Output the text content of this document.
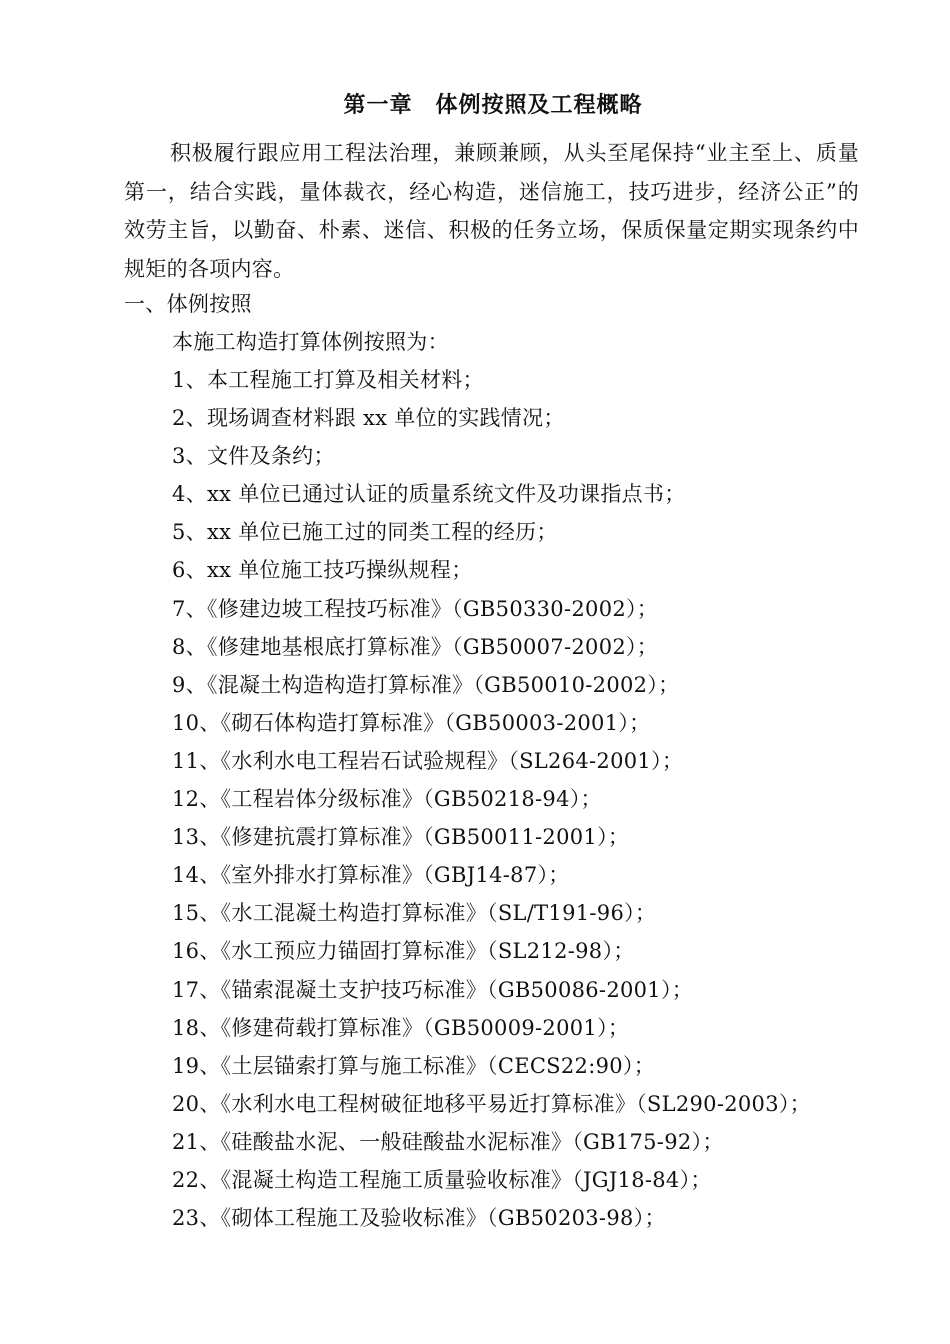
第一章　体例按照及工程概略
积极履行跟应用工程法治理，兼顾兼顾，从头至尾保持“业主至上、质量第一，结合实践，量体裁衣，经心构造，迷信施工，技巧进步，经济公正”的效劳主旨，以勤奋、朴素、迷信、积极的任务立场，保质保量定期实现条约中规矩的各项内容。
一、体例按照
本施工构造打算体例按照为：
1、本工程施工打算及相关材料；
2、现场调查材料跟 xx 单位的实践情况；
3、文件及条约；
4、xx 单位已通过认证的质量系统文件及功课指点书；
5、xx 单位已施工过的同类工程的经历；
6、xx 单位施工技巧操纵规程；
7、《修建边坡工程技巧标准》（GB50330-2002）；
8、《修建地基根底打算标准》（GB50007-2002）；
9、《混凝土构造构造打算标准》（GB50010-2002）；
10、《砌石体构造打算标准》（GB50003-2001）；
11、《水利水电工程岩石试验规程》（SL264-2001）；
12、《工程岩体分级标准》（GB50218-94）；
13、《修建抗震打算标准》（GB50011-2001）；
14、《室外排水打算标准》（GBJ14-87）；
15、《水工混凝土构造打算标准》（SL/T191-96）；
16、《水工预应力锚固打算标准》（SL212-98）；
17、《锚索混凝土支护技巧标准》（GB50086-2001）；
18、《修建荷载打算标准》（GB50009-2001）；
19、《土层锚索打算与施工标准》（CECS22:90）；
20、《水利水电工程树破征地移平易近打算标准》（SL290-2003）；
21、《硅酸盐水泥、一般硅酸盐水泥标准》（GB175-92）；
22、《混凝土构造工程施工质量验收标准》（JGJ18-84）；
23、《砌体工程施工及验收标准》（GB50203-98）；
